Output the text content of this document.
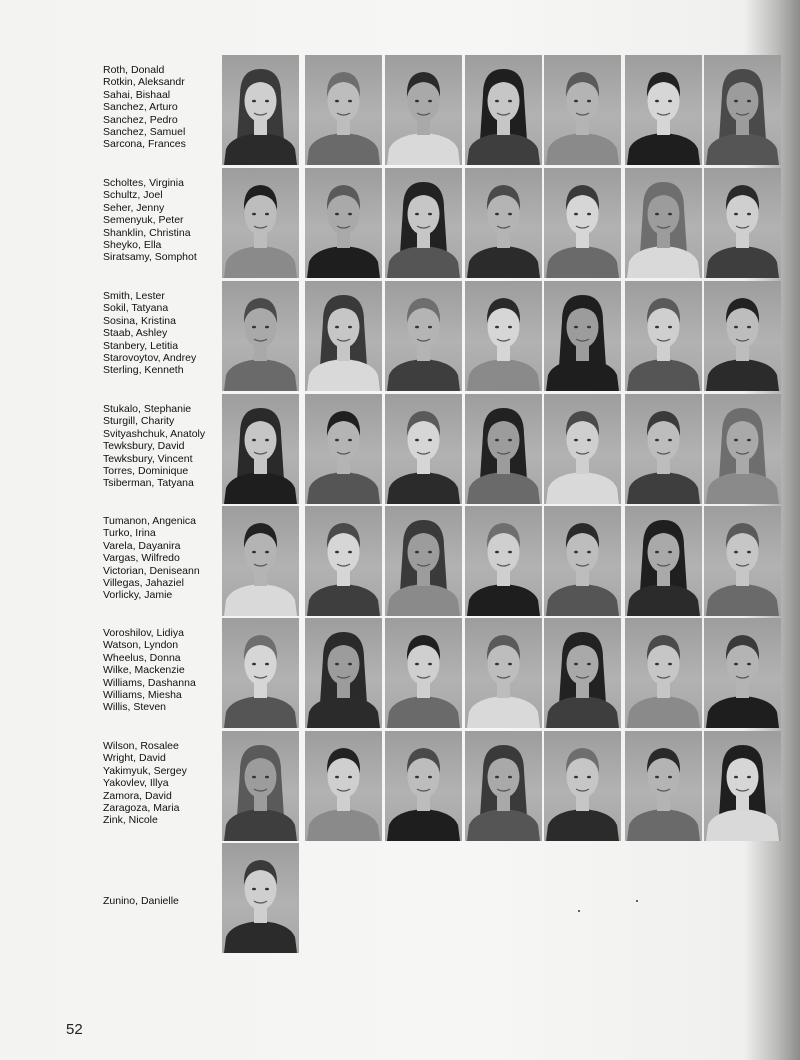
Roth, Donald
Rotkin, Aleksandr
Sahai, Bishaal
Sanchez, Arturo
Sanchez, Pedro
Sanchez, Samuel
Sarcona, Frances
Scholtes, Virginia
Schultz, Joel
Seher, Jenny
Semenyuk, Peter
Shanklin, Christina
Sheyko, Ella
Siratsamy, Somphot
Smith, Lester
Sokil, Tatyana
Sosina, Kristina
Staab, Ashley
Stanbery, Letitia
Starovoytov, Andrey
Sterling, Kenneth
Stukalo, Stephanie
Sturgill, Charity
Svityashchuk, Anatoly
Tewksbury, David
Tewksbury, Vincent
Torres, Dominique
Tsiberman, Tatyana
Tumanon, Angenica
Turko, Irina
Varela, Dayanira
Vargas, Wilfredo
Victorian, Deniseann
Villegas, Jahaziel
Vorlicky, Jamie
Voroshilov, Lidiya
Watson, Lyndon
Wheelus, Donna
Wilke, Mackenzie
Williams, Dashanna
Williams, Miesha
Willis, Steven
Wilson, Rosalee
Wright, David
Yakimyuk, Sergey
Yakovlev, Illya
Zamora, David
Zaragoza, Maria
Zink, Nicole
Zunino, Danielle
52
